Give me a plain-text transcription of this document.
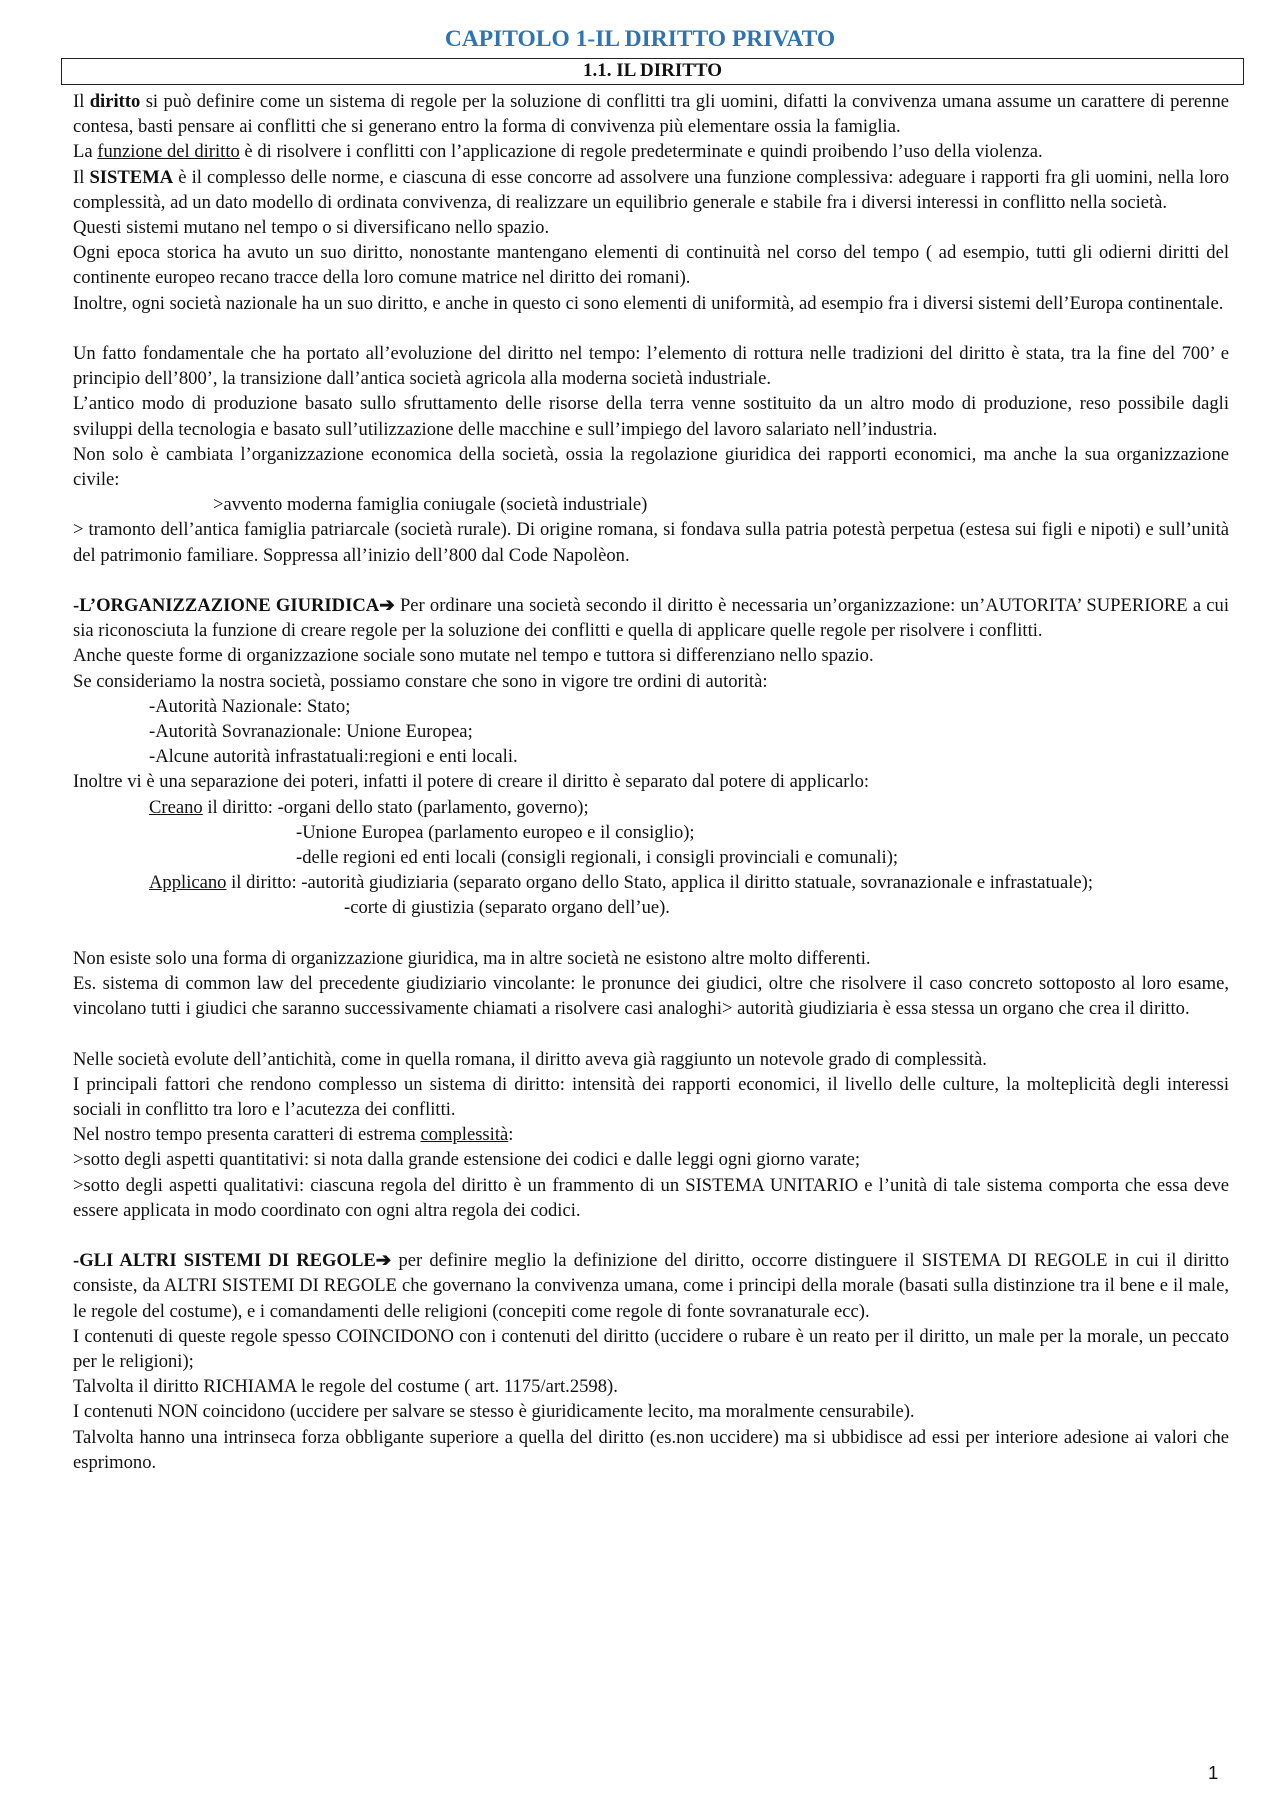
CAPITOLO 1-IL DIRITTO PRIVATO
1.1. IL DIRITTO

Il diritto si può definire come un sistema di regole per la soluzione di conflitti tra gli uomini, difatti la convivenza umana assume un carattere di perenne contesa, basti pensare ai conflitti che si generano entro la forma di convivenza più elementare ossia la famiglia.

La funzione del diritto è di risolvere i conflitti con l’applicazione di regole predeterminate e quindi proibendo l’uso della violenza.

Il SISTEMA è il complesso delle norme, e ciascuna di esse concorre ad assolvere una funzione complessiva: adeguare i rapporti fra gli uomini, nella loro complessità, ad un dato modello di ordinata convivenza, di realizzare un equilibrio generale e stabile fra i diversi interessi in conflitto nella società.

Questi sistemi mutano nel tempo o si diversificano nello spazio.

Ogni epoca storica ha avuto un suo diritto, nonostante mantengano elementi di continuità nel corso del tempo ( ad esempio, tutti gli odierni diritti del continente europeo recano tracce della loro comune matrice nel diritto dei romani).

Inoltre, ogni società nazionale ha un suo diritto, e anche in questo ci sono elementi di uniformità, ad esempio fra i diversi sistemi dell’Europa continentale.

Un fatto fondamentale che ha portato all’evoluzione del diritto nel tempo: l’elemento di rottura nelle tradizioni del diritto è stata, tra la fine del 700’ e principio dell’800’, la transizione dall’antica società agricola alla moderna società industriale.

L’antico modo di produzione basato sullo sfruttamento delle risorse della terra venne sostituito da un altro modo di produzione, reso possibile dagli sviluppi della tecnologia e basato sull’utilizzazione delle macchine e sull’impiego del lavoro salariato nell’industria.

Non solo è cambiata l’organizzazione economica della società, ossia la regolazione giuridica dei rapporti economici, ma anche la sua organizzazione civile:

>avvento moderna famiglia coniugale (società industriale)

> tramonto dell’antica famiglia patriarcale (società rurale). Di origine romana, si fondava sulla patria potestà perpetua (estesa sui figli e nipoti) e sull’unità del patrimonio familiare. Soppressa all’inizio dell’800 dal Code Napolèon.

-L’ORGANIZZAZIONE GIURIDICA➔ Per ordinare una società secondo il diritto è necessaria un’organizzazione: un’AUTORITA’ SUPERIORE a cui sia riconosciuta la funzione di creare regole per la soluzione dei conflitti e quella di applicare quelle regole per risolvere i conflitti.

Anche queste forme di organizzazione sociale sono mutate nel tempo e tuttora si differenziano nello spazio.

Se consideriamo la nostra società, possiamo constare che sono in vigore tre ordini di autorità:

-Autorità Nazionale: Stato;

-Autorità Sovranazionale: Unione Europea;

-Alcune autorità infrastatuali:regioni e enti locali.

Inoltre vi è una separazione dei poteri, infatti il potere di creare il diritto è separato dal potere di applicarlo:

Creano il diritto: -organi dello stato (parlamento, governo);

-Unione Europea (parlamento europeo e il consiglio);

-delle regioni ed enti locali (consigli regionali, i consigli provinciali e comunali);

Applicano il diritto: -autorità giudiziaria (separato organo dello Stato, applica il diritto statuale, sovranazionale e infrastatuale);

-corte di giustizia (separato organo dell’ue).

Non esiste solo una forma di organizzazione giuridica, ma in altre società ne esistono altre molto differenti.

Es. sistema di common law del precedente giudiziario vincolante: le pronunce dei giudici, oltre che risolvere il caso concreto sottoposto al loro esame, vincolano tutti i giudici che saranno successivamente chiamati a risolvere casi analoghi> autorità giudiziaria è essa stessa un organo che crea il diritto.

Nelle società evolute dell’antichità, come in quella romana, il diritto aveva già raggiunto un notevole grado di complessità.

I principali fattori che rendono complesso un sistema di diritto: intensità dei rapporti economici, il livello delle culture, la molteplicità degli interessi sociali in conflitto tra loro e l’acutezza dei conflitti.

Nel nostro tempo presenta caratteri di estrema complessità:

>sotto degli aspetti quantitativi: si nota dalla grande estensione dei codici e dalle leggi ogni giorno varate;

>sotto degli aspetti qualitativi: ciascuna regola del diritto è un frammento di un SISTEMA UNITARIO e l’unità di tale sistema comporta che essa deve essere applicata in modo coordinato con ogni altra regola dei codici.

-GLI ALTRI SISTEMI DI REGOLE➔ per definire meglio la definizione del diritto, occorre distinguere il SISTEMA DI REGOLE in cui il diritto consiste, da ALTRI SISTEMI DI REGOLE che governano la convivenza umana, come i principi della morale (basati sulla distinzione tra il bene e il male, le regole del costume), e i comandamenti delle religioni (concepiti come regole di fonte sovranaturale ecc).

I contenuti di queste regole spesso COINCIDONO con i contenuti del diritto (uccidere o rubare è un reato per il diritto, un male per la morale, un peccato per le religioni);

Talvolta il diritto RICHIAMA le regole del costume ( art. 1175/art.2598).

I contenuti NON coincidono (uccidere per salvare se stesso è giuridicamente lecito, ma moralmente censurabile).

Talvolta hanno una intrinseca forza obbligante superiore a quella del diritto (es.non uccidere) ma si ubbidisce ad essi per interiore adesione ai valori che esprimono.

1
